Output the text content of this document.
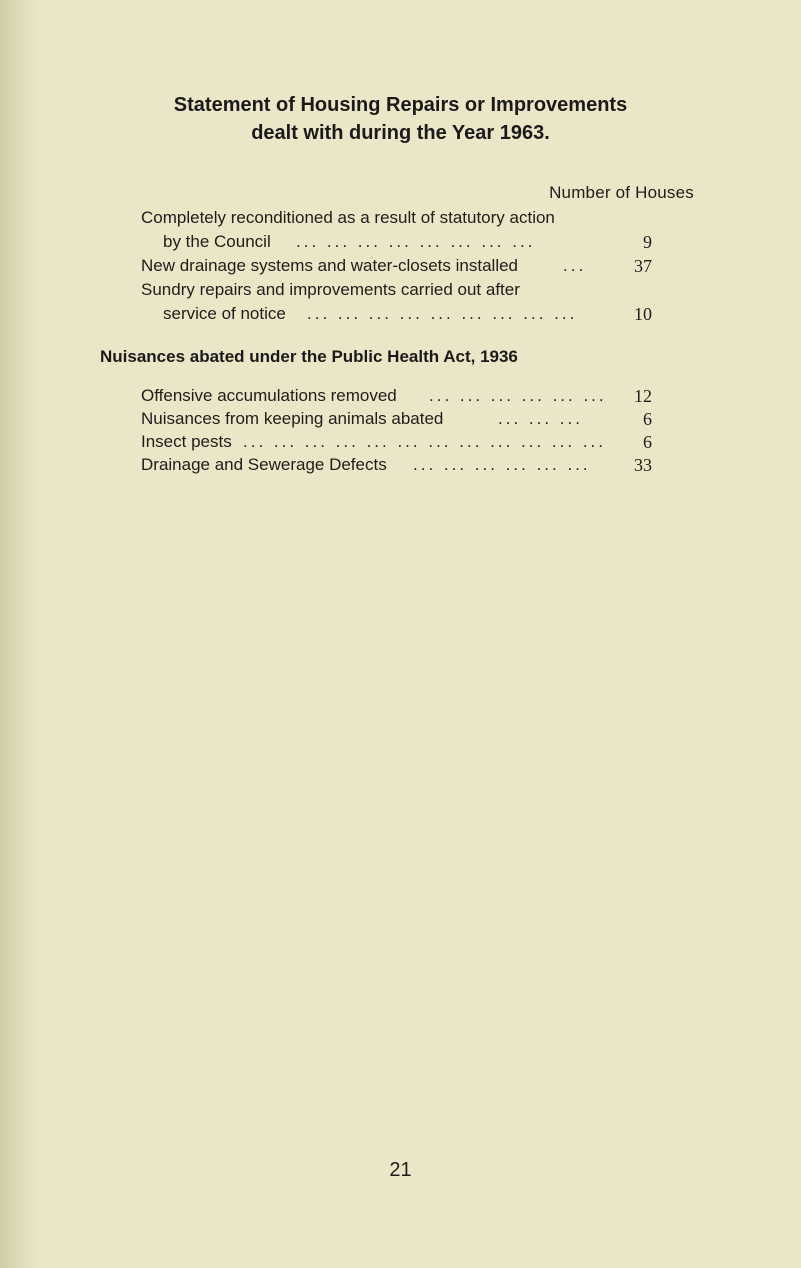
Statement of Housing Repairs or Improvements
dealt with during the Year 1963.
Number of Houses
Completely reconditioned as a result of statutory action
by the Council ... ... ... ... ... ... ... ...	9
New drainage systems and water-closets installed	...	37
Sundry repairs and improvements carried out after
service of notice ... ... ... ... ... ... ... ... ...	10
Nuisances abated under the Public Health Act, 1936
Offensive accumulations removed ... ... ... ... ... ...	12
Nuisances from keeping animals abated	... ... ...	6
Insect pests ... ... ... ... ... ... ... ... ... ... ... ...	6
Drainage and Sewerage Defects ... ... ... ... ... ...	33
21
